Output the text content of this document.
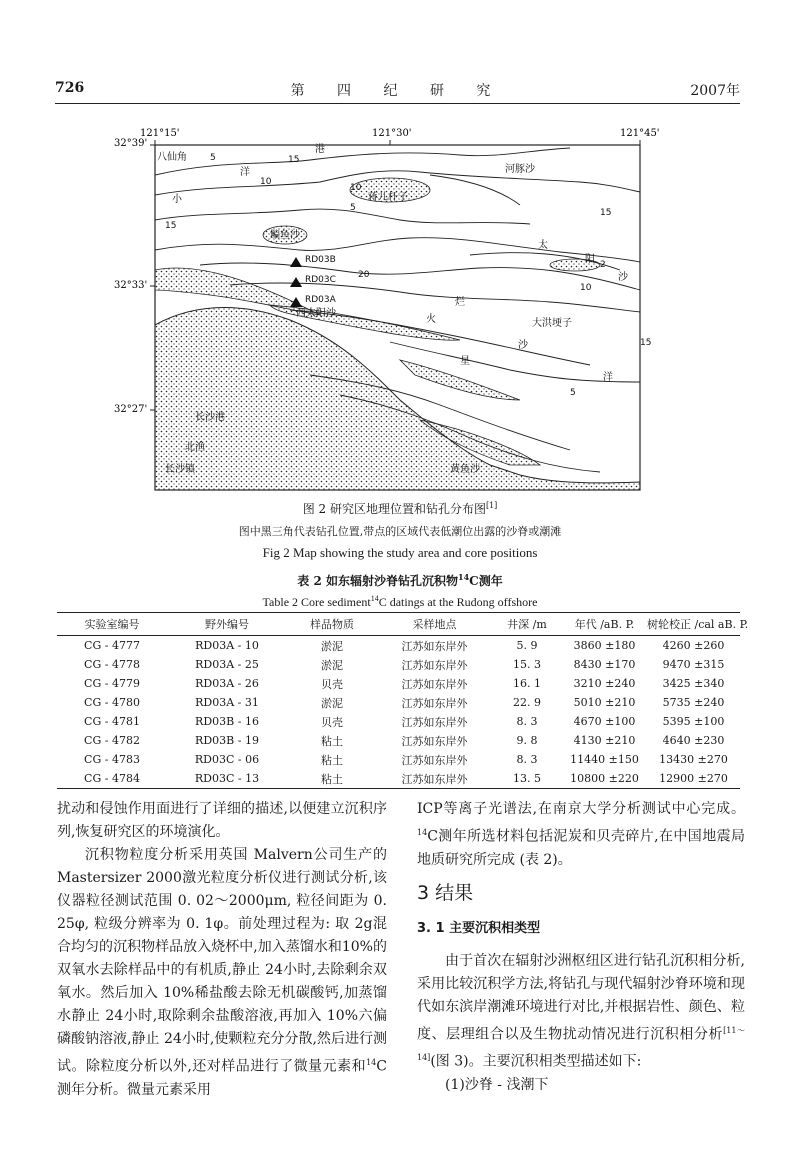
726	第 四 纪 研 究	2007年
121°15'	121°30'	121°45'
32°39'
32°33'
32°27'
八仙角
港
河豚沙
蒋儿杆子
鳊鱼沙
太
阳
沙
烂
西太阳沙
火	大洪埂子
沙
洋
星
长沙港
北渔
长沙镇	黄鱼沙
洋
小
RD03B
RD03C
RD03A
5
10
15
20
2
5	15
10
15
5
15
10
图 2 研究区地理位置和钻孔分布图[1]
图中黑三角代表钻孔位置,带点的区域代表低潮位出露的沙脊或潮滩
Fig 2 Map showing the study area and core positions
表 2 如东辐射沙脊钻孔沉积物$^{14}$C测年
Table 2 Core sediment$^{14}$C datings at the Rudong offshore
实验室编号	野外编号	样品物质	采样地点	井深 /m	年代 /aB. P.	树轮校正 /cal aB. P.
CG - 4777	RD03A - 10	淤泥	江苏如东岸外	5. 9	3860 ±180	4260 ±260
CG - 4778	RD03A - 25	淤泥	江苏如东岸外	15. 3	8430 ±170	9470 ±315
CG - 4779	RD03A - 26	贝壳	江苏如东岸外	16. 1	3210 ±240	3425 ±340
CG - 4780	RD03A - 31	淤泥	江苏如东岸外	22. 9	5010 ±210	5735 ±240
CG - 4781	RD03B - 16	贝壳	江苏如东岸外	8. 3	4670 ±100	5395 ±100
CG - 4782	RD03B - 19	粘土	江苏如东岸外	9. 8	4130 ±210	4640 ±230
CG - 4783	RD03C - 06	粘土	江苏如东岸外	8. 3	11440 ±150	13430 ±270
CG - 4784	RD03C - 13	粘土	江苏如东岸外	13. 5	10800 ±220	12900 ±270

扰动和侵蚀作用面进行了详细的描述,以便建立沉积序列,恢复研究区的环境演化。

沉积物粒度分析采用英国 Malvern公司生产的Mastersizer 2000激光粒度分析仪进行测试分析,该仪器粒径测试范围 0. 02～2000μm, 粒径间距为 0. 25φ, 粒级分辨率为 0. 1φ。前处理过程为: 取 2g混合均匀的沉积物样品放入烧杯中,加入蒸馏水和10%的双氧水去除样品中的有机质,静止 24小时,去除剩余双氧水。然后加入 10%稀盐酸去除无机碳酸钙,加蒸馏水静止 24小时,取除剩余盐酸溶液,再加入 10%六偏磷酸钠溶液,静止 24小时,使颗粒充分分散,然后进行测试。除粒度分析以外,还对样品进行了微量元素和$^{14}$C测年分析。微量元素采用

ICP等离子光谱法,在南京大学分析测试中心完成。$^{14}$C测年所选材料包括泥炭和贝壳碎片,在中国地震局地质研究所完成 (表 2)。

3 结果
3. 1 主要沉积相类型

由于首次在辐射沙洲枢纽区进行钻孔沉积相分析,采用比较沉积学方法,将钻孔与现代辐射沙脊环境和现代如东滨岸潮滩环境进行对比,并根据岩性、颜色、粒度、层理组合以及生物扰动情况进行沉积相分析[11～14](图 3)。主要沉积相类型描述如下:

(1)沙脊 - 浅潮下
